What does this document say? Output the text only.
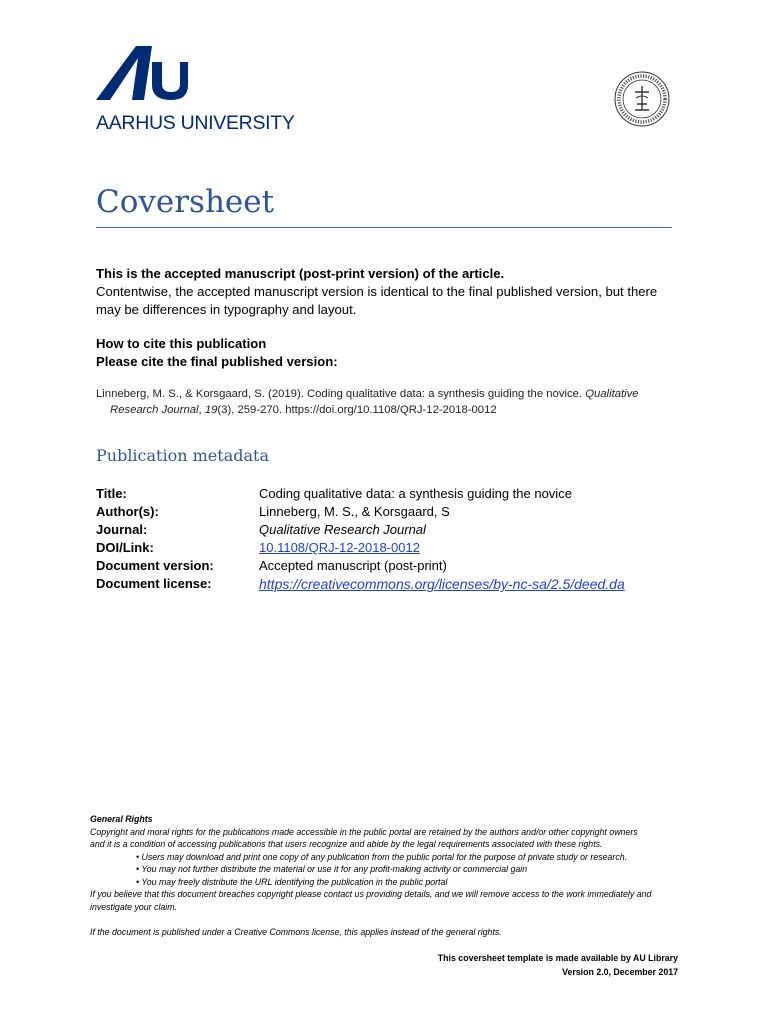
AARHUS UNIVERSITY
Coversheet
This is the accepted manuscript (post-print version) of the article.
Contentwise, the accepted manuscript version is identical to the final published version, but there
may be differences in typography and layout.
How to cite this publication
Please cite the final published version:
Linneberg, M. S., & Korsgaard, S. (2019). Coding qualitative data: a synthesis guiding the novice. Qualitative
Research Journal, 19(3), 259-270. https://doi.org/10.1108/QRJ-12-2018-0012
Publication metadata
Title:	Coding qualitative data: a synthesis guiding the novice
Author(s):	Linneberg, M. S., & Korsgaard, S
Journal:	Qualitative Research Journal
DOI/Link:	10.1108/QRJ-12-2018-0012
Document version:	Accepted manuscript (post-print)
Document license:	https://creativecommons.org/licenses/by-nc-sa/2.5/deed.da
General Rights
Copyright and moral rights for the publications made accessible in the public portal are retained by the authors and/or other copyright owners
and it is a condition of accessing publications that users recognize and abide by the legal requirements associated with these rights.
• Users may download and print one copy of any publication from the public portal for the purpose of private study or research.
• You may not further distribute the material or use it for any profit-making activity or commercial gain
• You may freely distribute the URL identifying the publication in the public portal
If you believe that this document breaches copyright please contact us providing details, and we will remove access to the work immediately and
investigate your claim.
If the document is published under a Creative Commons license, this applies instead of the general rights.
This coversheet template is made available by AU Library
Version 2.0, December 2017
